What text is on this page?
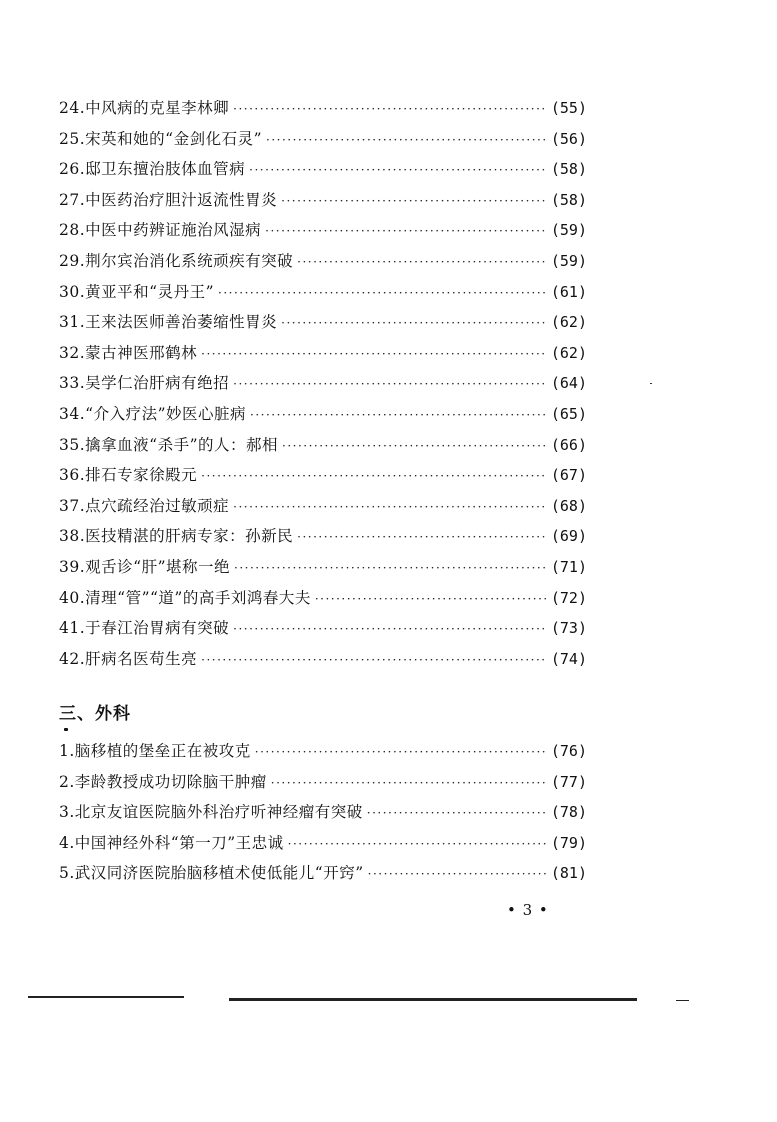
24.中风病的克星李林卿 ·····	(55)
25.宋英和她的“金剑化石灵” ·····	(56)
26.邸卫东擅治肢体血管病 ·····	(58)
27.中医药治疗胆汁返流性胃炎 ·····	(58)
28.中医中药辨证施治风湿病 ·····	(59)
29.荆尔宾治消化系统顽疾有突破 ·····	(59)
30.黄亚平和“灵丹王” ·····	(61)
31.王来法医师善治萎缩性胃炎 ·····	(62)
32.蒙古神医邢鹤林 ·····	(62)
33.吴学仁治肝病有绝招 ·····	(64)
34.“介入疗法”妙医心脏病 ·····	(65)
35.擒拿血液“杀手”的人：郝相 ·····	(66)
36.排石专家徐殿元 ·····	(67)
37.点穴疏经治过敏顽症 ·····	(68)
38.医技精湛的肝病专家：孙新民 ·····	(69)
39.观舌诊“肝”堪称一绝 ·····	(71)
40.清理“管”“道”的高手刘鸿春大夫 ·····	(72)
41.于春江治胃病有突破 ·····	(73)
42.肝病名医苟生亮 ·····	(74)
三、外科
1.脑移植的堡垒正在被攻克 ·····	(76)
2.李龄教授成功切除脑干肿瘤 ·····	(77)
3.北京友谊医院脑外科治疗听神经瘤有突破 ·····	(78)
4.中国神经外科“第一刀”王忠诚 ·····	(79)
5.武汉同济医院胎脑移植术使低能儿“开窍” ·····	(81)
• 3 •
